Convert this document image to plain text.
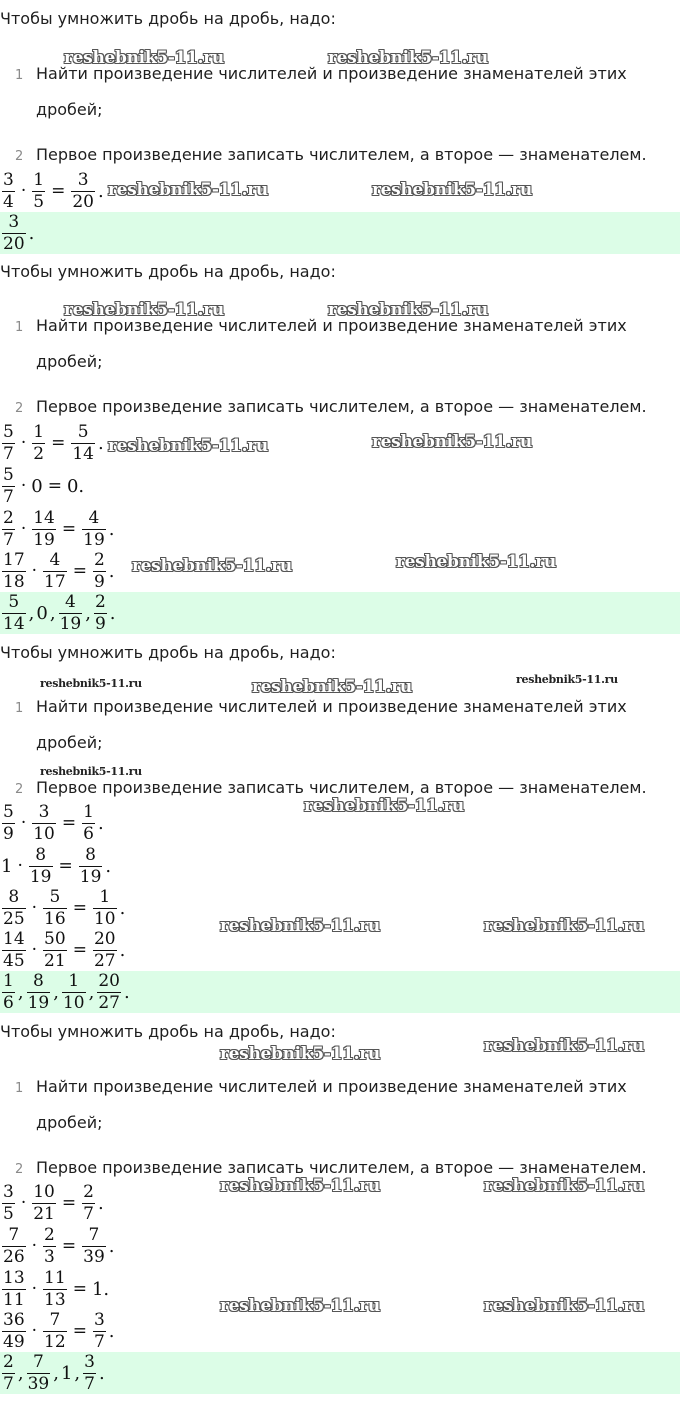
Чтобы умножить дробь на дробь, надо:
1 Найти произведение числителей и произведение знаменателей этих
дробей;
2 Первое произведение записать числителем, а второе — знаменателем.
$\frac{3}{4} \cdot \frac{1}{5} = \frac{3}{20}$ .
$\frac{3}{20}$ .
Чтобы умножить дробь на дробь, надо:
1 Найти произведение числителей и произведение знаменателей этих
дробей;
2 Первое произведение записать числителем, а второе — знаменателем.
$\frac{5}{7} \cdot \frac{1}{2} = \frac{5}{14}$ .
$\frac{5}{7} \cdot 0 = 0$.
$\frac{2}{7} \cdot \frac{14}{19} = \frac{4}{19}$ .
$\frac{17}{18} \cdot \frac{4}{17} = \frac{2}{9}$ .
$\frac{5}{14}$ , 0 , $\frac{4}{19}$ , $\frac{2}{9}$ .
Чтобы умножить дробь на дробь, надо:
1 Найти произведение числителей и произведение знаменателей этих
дробей;
2 Первое произведение записать числителем, а второе — знаменателем.
$\frac{5}{9} \cdot \frac{3}{10} = \frac{1}{6}$ .
$1 \cdot \frac{8}{19} = \frac{8}{19}$ .
$\frac{8}{25} \cdot \frac{5}{16} = \frac{1}{10}$ .
$\frac{14}{45} \cdot \frac{50}{21} = \frac{20}{27}$ .
$\frac{1}{6}$ , $\frac{8}{19}$ , $\frac{1}{10}$ , $\frac{20}{27}$ .
Чтобы умножить дробь на дробь, надо:
1 Найти произведение числителей и произведение знаменателей этих
дробей;
2 Первое произведение записать числителем, а второе — знаменателем.
$\frac{3}{5} \cdot \frac{10}{21} = \frac{2}{7}$ .
$\frac{7}{26} \cdot \frac{2}{3} = \frac{7}{39}$ .
$\frac{13}{11} \cdot \frac{11}{13} = 1$.
$\frac{36}{49} \cdot \frac{7}{12} = \frac{3}{7}$ .
$\frac{2}{7}$ , $\frac{7}{39}$ , 1 , $\frac{3}{7}$ .
reshebnik5-11.ru	reshebnik5-11.ru
reshebnik5-11.ru	reshebnik5-11.ru
reshebnik5-11.ru	reshebnik5-11.ru
reshebnik5-11.ru	reshebnik5-11.ru
reshebnik5-11.ru	reshebnik5-11.ru
reshebnik5-11.ru	reshebnik5-11.ru	reshebnik5-11.ru
reshebnik5-11.ru
reshebnik5-11.ru
reshebnik5-11.ru	reshebnik5-11.ru
reshebnik5-11.ru	reshebnik5-11.ru
reshebnik5-11.ru	reshebnik5-11.ru
reshebnik5-11.ru	reshebnik5-11.ru
